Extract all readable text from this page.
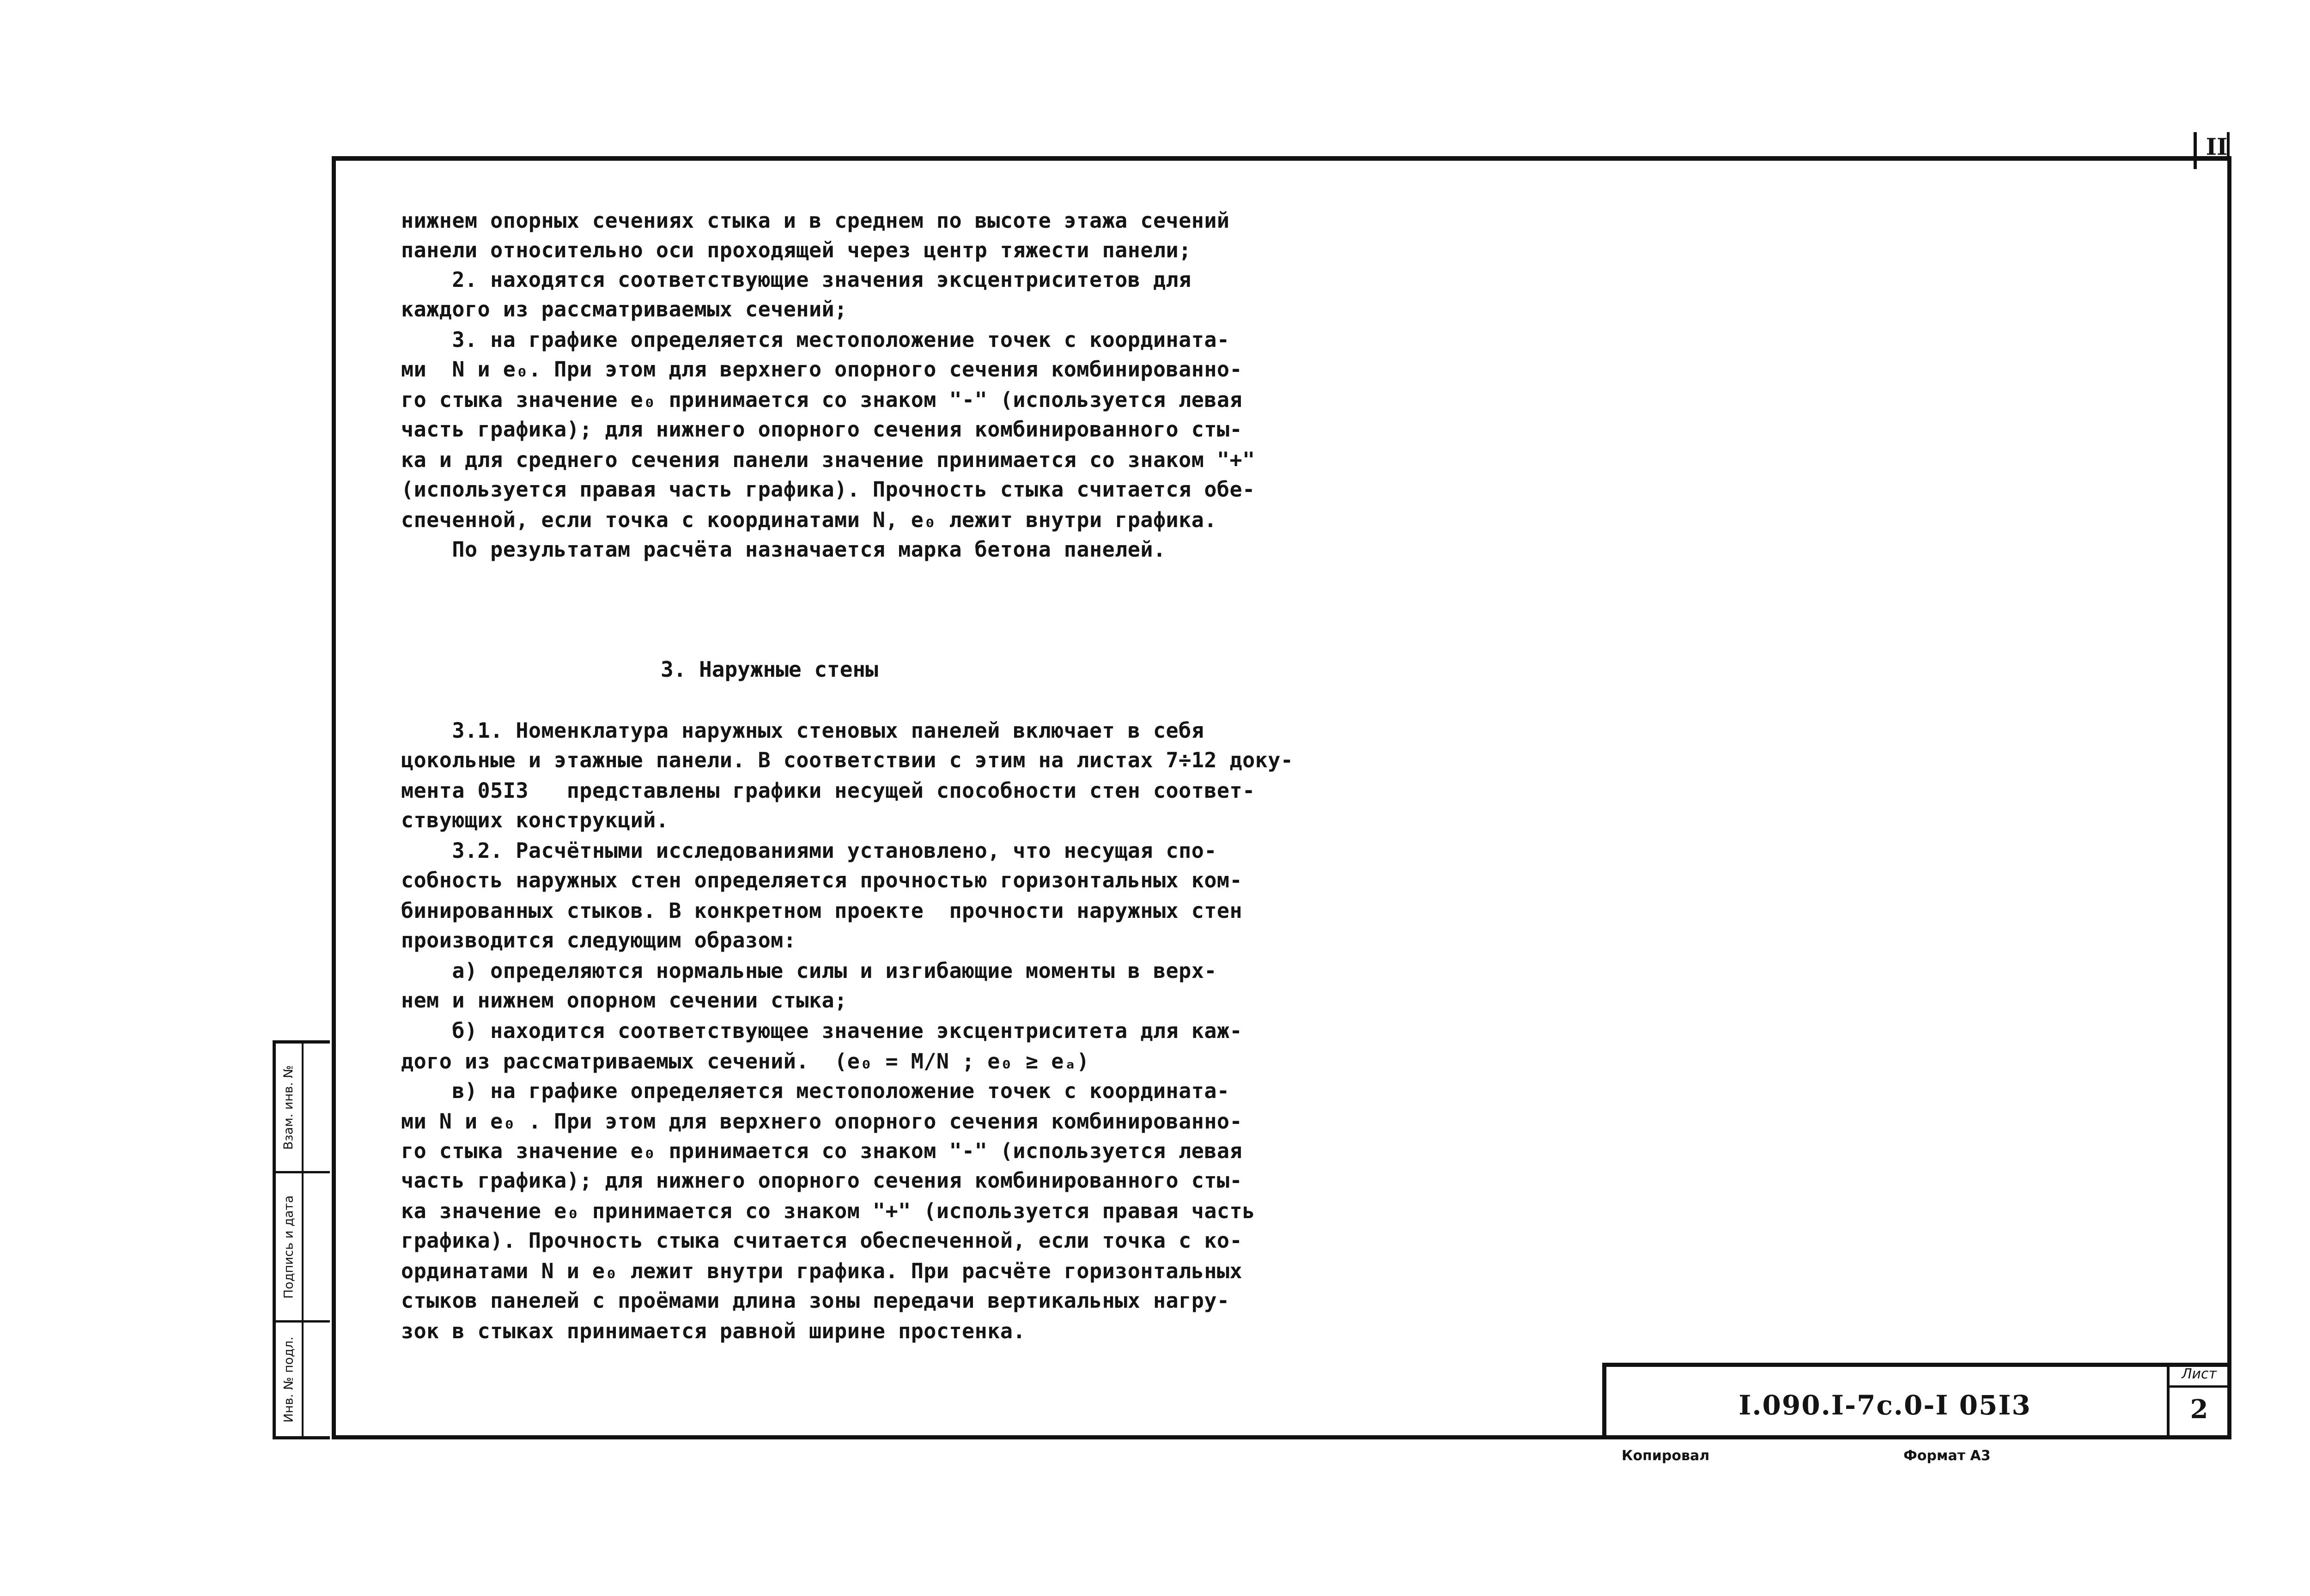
II
Взам. инв. №
Подпись и дата
Инв. № подл.
нижнем опорных сечениях стыка и в среднем по высоте этажа сечений
панели относительно оси проходящей через центр тяжести панели;
2. находятся соответствующие значения эксцентриситетов для
каждого из рассматриваемых сечений;
3. на графике определяется местоположение точек с координата-
ми  N и e₀. При этом для верхнего опорного сечения комбинированно-
го стыка значение e₀ принимается со знаком "-" (используется левая
часть графика); для нижнего опорного сечения комбинированного сты-
ка и для среднего сечения панели значение принимается со знаком "+"
(используется правая часть графика). Прочность стыка считается обе-
спеченной, если точка с координатами N, e₀ лежит внутри графика.
По результатам расчёта назначается марка бетона панелей.
3. Наружные стены
3.1. Номенклатура наружных стеновых панелей включает в себя
цокольные и этажные панели. В соответствии с этим на листах 7÷12 доку-
мента 05I3   представлены графики несущей способности стен соответ-
ствующих конструкций.
3.2. Расчётными исследованиями установлено, что несущая спо-
собность наружных стен определяется прочностью горизонтальных ком-
бинированных стыков. В конкретном проекте  прочности наружных стен
производится следующим образом:
а) определяются нормальные силы и изгибающие моменты в верх-
нем и нижнем опорном сечении стыка;
б) находится соответствующее значение эксцентриситета для каж-
дого из рассматриваемых сечений.  (e₀ = M/N ; e₀ ≥ eₐ)
в) на графике определяется местоположение точек с координата-
ми N и e₀ . При этом для верхнего опорного сечения комбинированно-
го стыка значение e₀ принимается со знаком "-" (используется левая
часть графика); для нижнего опорного сечения комбинированного сты-
ка значение e₀ принимается со знаком "+" (используется правая часть
графика). Прочность стыка считается обеспеченной, если точка с ко-
ординатами N и e₀ лежит внутри графика. При расчёте горизонтальных
стыков панелей с проёмами длина зоны передачи вертикальных нагру-
зок в стыках принимается равной ширине простенка.
I.090.I-7c.0-I 05I3
Лист
2
Копировал	Формат А3
